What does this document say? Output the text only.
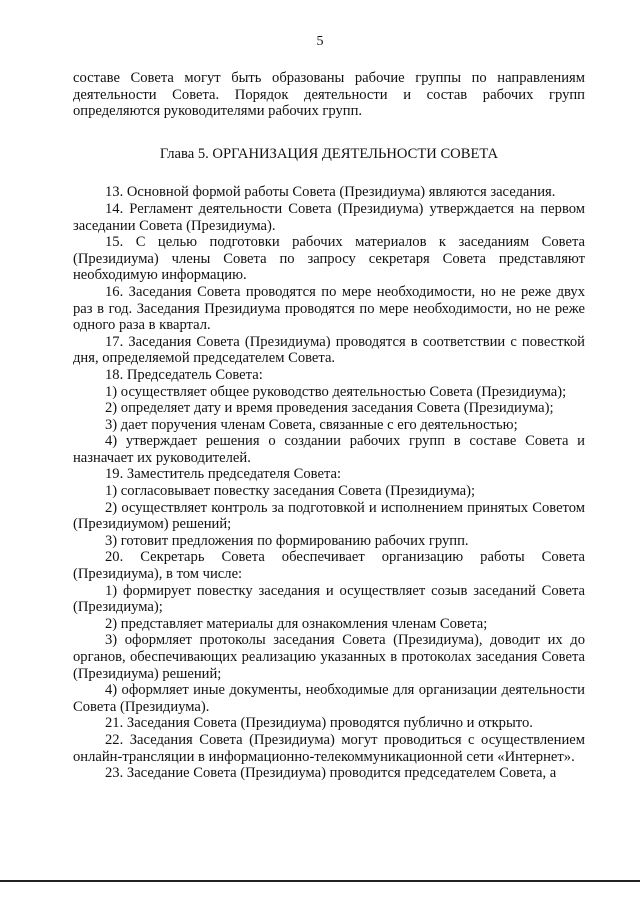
5

составе Совета могут быть образованы рабочие группы по направлениям деятельности Совета. Порядок деятельности и состав рабочих групп определяются руководителями рабочих групп.

Глава 5. ОРГАНИЗАЦИЯ ДЕЯТЕЛЬНОСТИ СОВЕТА

13. Основной формой работы Совета (Президиума) являются заседания.

14. Регламент деятельности Совета (Президиума) утверждается на первом заседании Совета (Президиума).

15. С целью подготовки рабочих материалов к заседаниям Совета (Президиума) члены Совета по запросу секретаря Совета представляют необходимую информацию.

16. Заседания Совета проводятся по мере необходимости, но не реже двух раз в год. Заседания Президиума проводятся по мере необходимости, но не реже одного раза в квартал.

17. Заседания Совета (Президиума) проводятся в соответствии с повесткой дня, определяемой председателем Совета.

18. Председатель Совета:

1) осуществляет общее руководство деятельностью Совета (Президиума);

2) определяет дату и время проведения заседания Совета (Президиума);

3) дает поручения членам Совета, связанные с его деятельностью;

4) утверждает решения о создании рабочих групп в составе Совета и назначает их руководителей.

19. Заместитель председателя Совета:

1) согласовывает повестку заседания Совета (Президиума);

2) осуществляет контроль за подготовкой и исполнением принятых Советом (Президиумом) решений;

3) готовит предложения по формированию рабочих групп.

20. Секретарь Совета обеспечивает организацию работы Совета (Президиума), в том числе:

1) формирует повестку заседания и осуществляет созыв заседаний Совета (Президиума);

2) представляет материалы для ознакомления членам Совета;

3) оформляет протоколы заседания Совета (Президиума), доводит их до органов, обеспечивающих реализацию указанных в протоколах заседания Совета (Президиума) решений;

4) оформляет иные документы, необходимые для организации деятельности Совета (Президиума).

21. Заседания Совета (Президиума) проводятся публично и открыто.

22. Заседания Совета (Президиума) могут проводиться с осуществлением онлайн-трансляции в информационно-телекоммуникационной сети «Интернет».

23. Заседание Совета (Президиума) проводится председателем Совета, а
